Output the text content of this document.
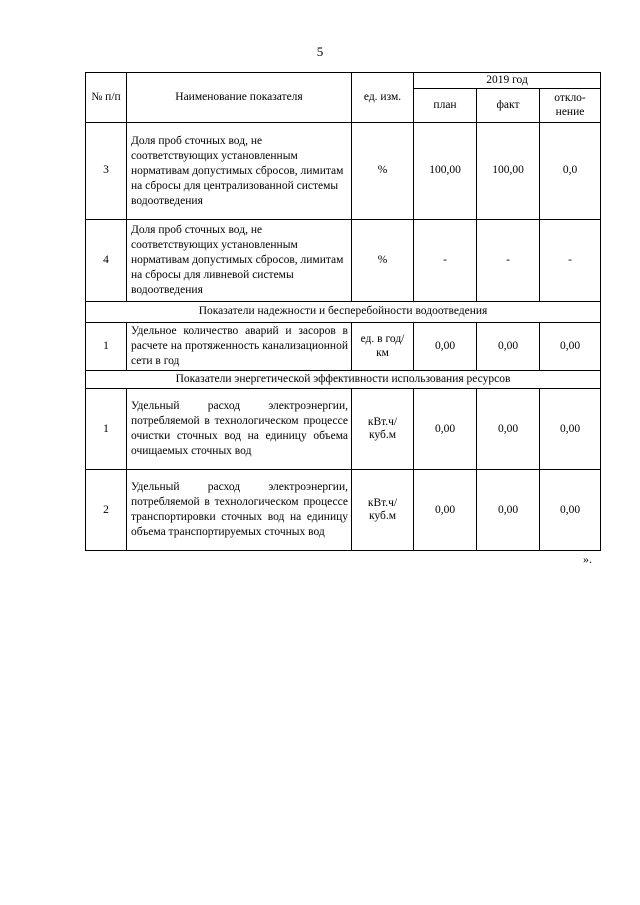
5
№ п/п	Наименование показателя	ед. изм.	2019 год		
			план	факт	откло-нение
3	Доля проб сточных вод, не соответствующих установленным нормативам допустимых сбросов, лимитам на сбросы для централизованной системы водоотведения	%	100,00	100,00	0,0
4	Доля проб сточных вод, не соответствующих установленным нормативам допустимых сбросов, лимитам на сбросы для ливневой системы водоотведения	%	-	-	-
Показатели надежности и бесперебойности водоотведения					
1	Удельное количество аварий и засоров в расчете на протяженность канализационной сети в год	ед. в год/ км	0,00	0,00	0,00
Показатели энергетической эффективности использования ресурсов					
1	Удельный расход электроэнергии, потребляемой в технологическом процессе очистки сточных вод на единицу объема очищаемых сточных вод	кВт.ч/ куб.м	0,00	0,00	0,00
2	Удельный расход электроэнергии, потребляемой в технологическом процессе транспортировки сточных вод на единицу объема транспортируемых сточных вод	кВт.ч/ куб.м	0,00	0,00	0,00
».
